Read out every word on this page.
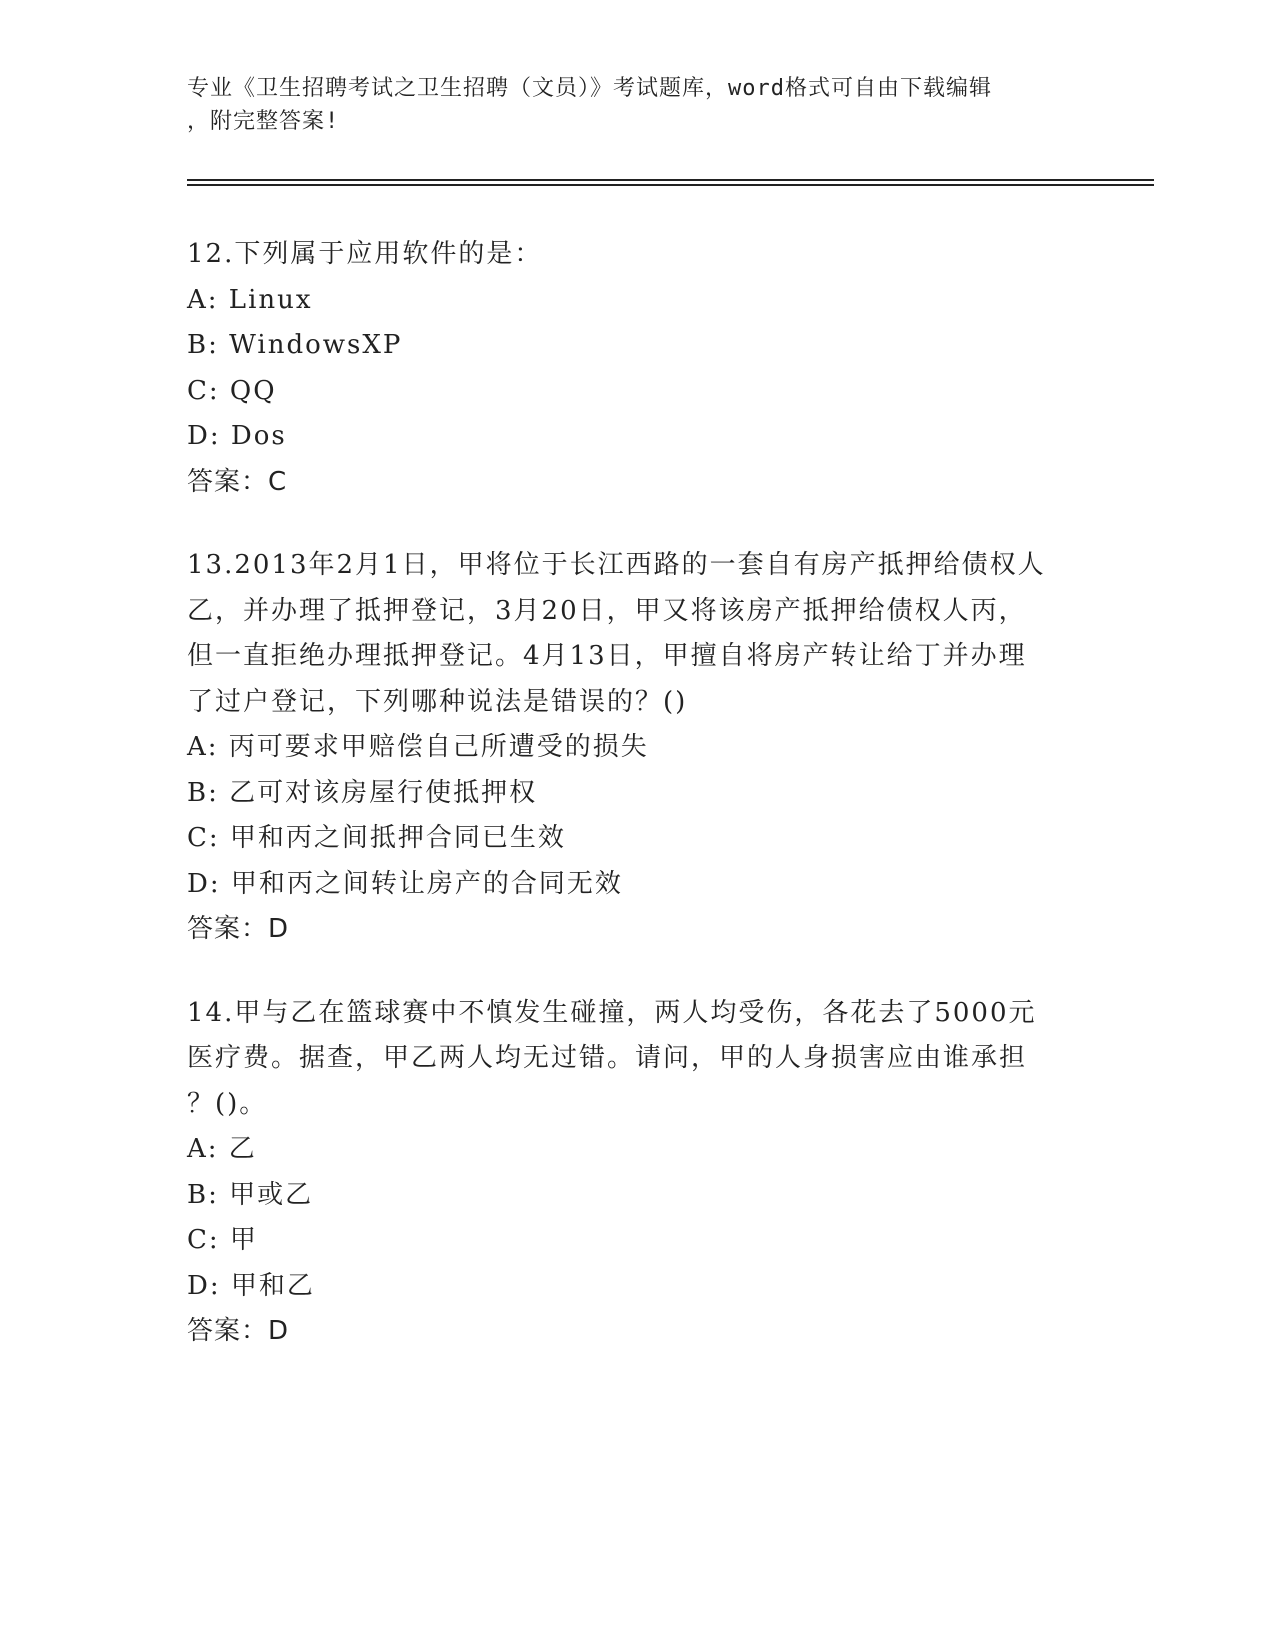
专业《卫生招聘考试之卫生招聘（文员）》考试题库，word格式可自由下载编辑

，附完整答案!

12.下列属于应用软件的是：

A: Linux

B: WindowsXP

C: QQ

D: Dos

答案：C

13.2013年2月1日，甲将位于长江西路的一套自有房产抵押给债权人

乙，并办理了抵押登记，3月20日，甲又将该房产抵押给债权人丙，

但一直拒绝办理抵押登记。4月13日，甲擅自将房产转让给丁并办理

了过户登记，下列哪种说法是错误的？()

A: 丙可要求甲赔偿自己所遭受的损失

B: 乙可对该房屋行使抵押权

C: 甲和丙之间抵押合同已生效

D: 甲和丙之间转让房产的合同无效

答案：D

14.甲与乙在篮球赛中不慎发生碰撞，两人均受伤，各花去了5000元

医疗费。据查，甲乙两人均无过错。请问，甲的人身损害应由谁承担

？()。

A: 乙

B: 甲或乙

C: 甲

D: 甲和乙

答案：D
